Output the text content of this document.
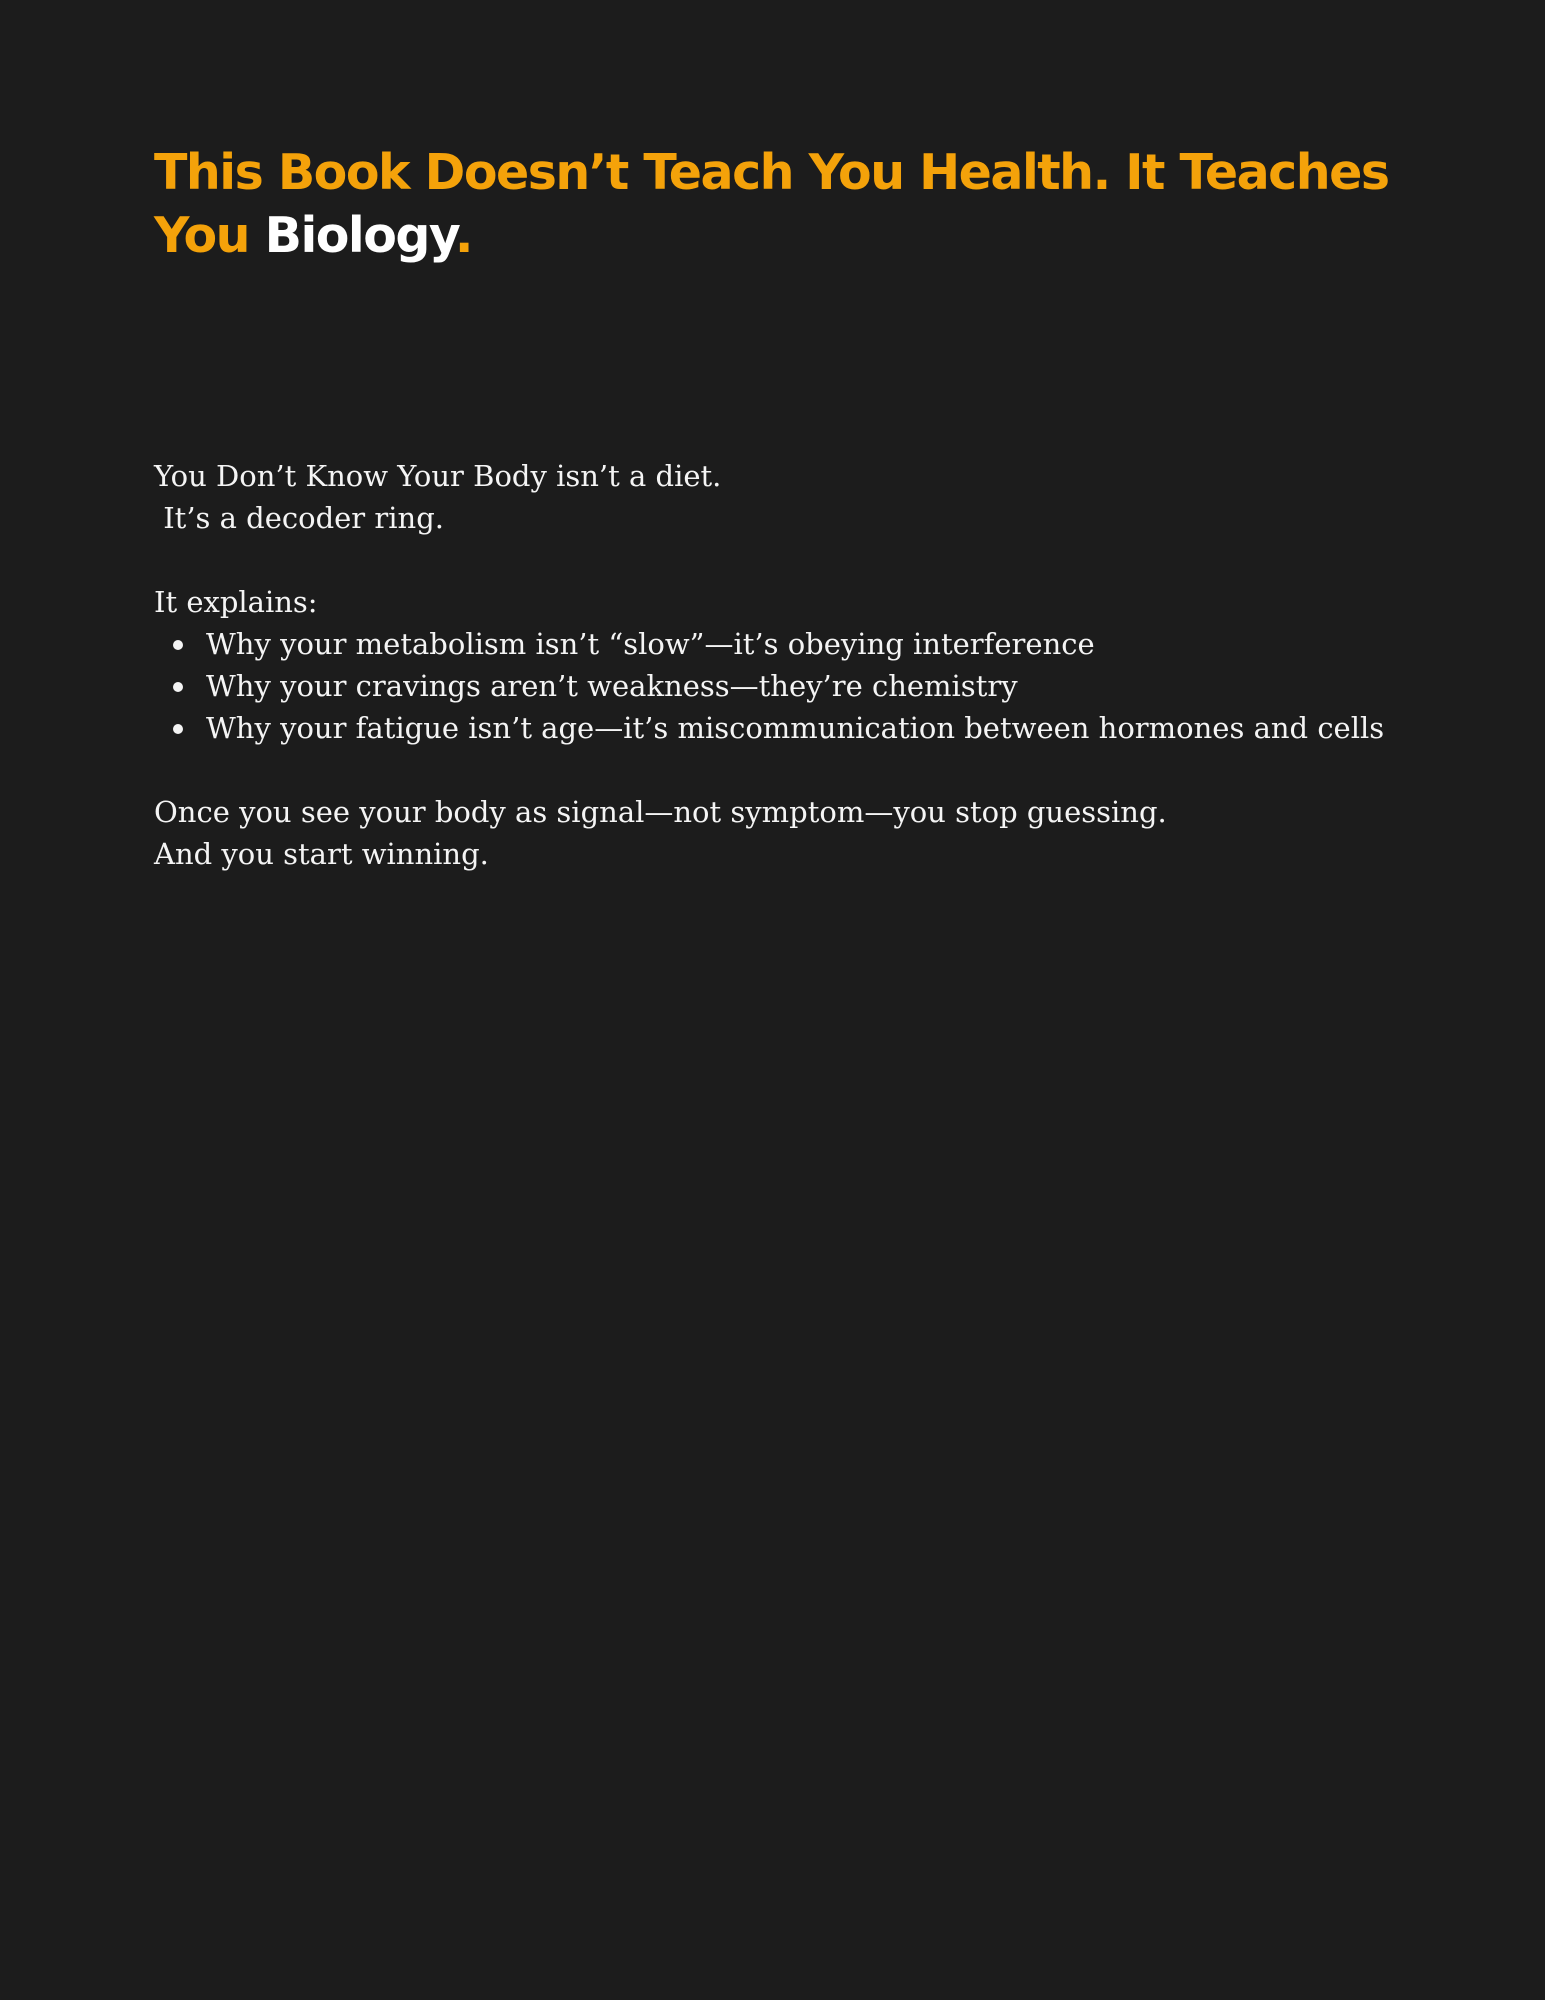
This Book Doesn’t Teach You Health. It Teaches You Biology.

You Don’t Know Your Body isn’t a diet.

It’s a decoder ring.

It explains:

Why your metabolism isn’t “slow”—it’s obeying interference
Why your cravings aren’t weakness—they’re chemistry
Why your fatigue isn’t age—it’s miscommunication between hormones and cells

Once you see your body as signal—not symptom—you stop guessing.

And you start winning.
